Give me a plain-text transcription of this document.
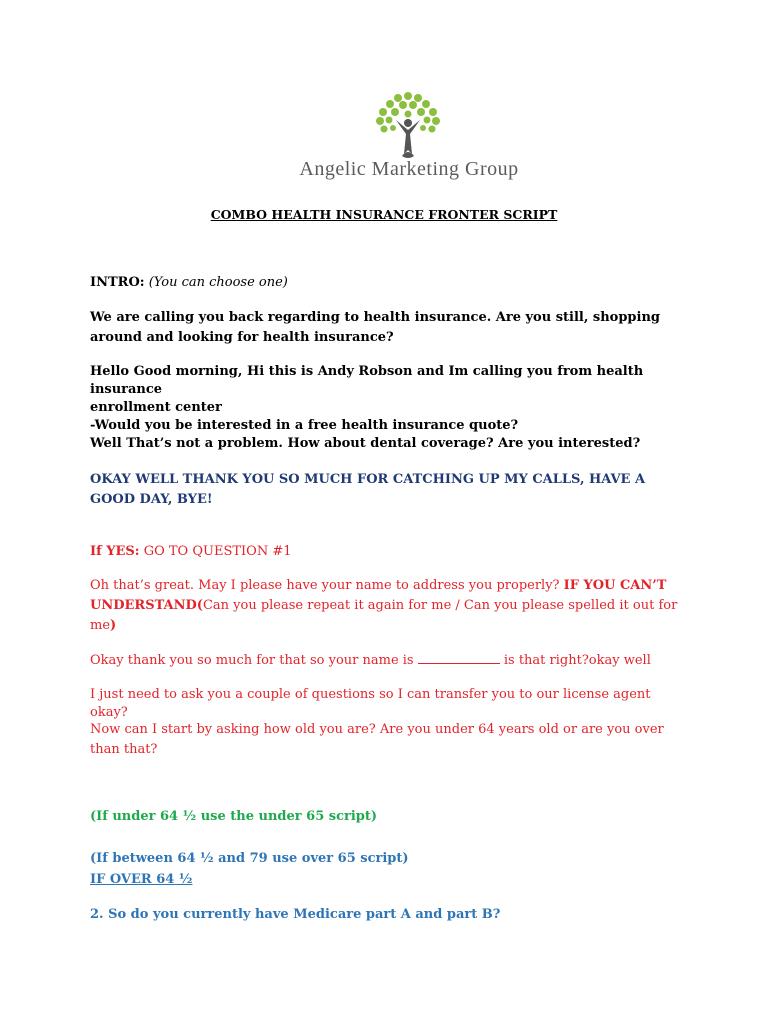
Angelic Marketing Group
COMBO HEALTH INSURANCE FRONTER SCRIPT
INTRO: (You can choose one)
We are calling you back regarding to health insurance. Are you still, shopping around and looking for health insurance?
Hello Good morning, Hi this is Andy Robson and Im calling you from health insurance
enrollment center
-Would you be interested in a free health insurance quote?
Well That’s not a problem. How about dental coverage? Are you interested?
OKAY WELL THANK YOU SO MUCH FOR CATCHING UP MY CALLS, HAVE A GOOD DAY, BYE!
If YES: GO TO QUESTION #1
Oh that’s great. May I please have your name to address you properly? IF YOU CAN’T UNDERSTAND(Can you please repeat it again for me / Can you please spelled it out for me)
Okay thank you so much for that so your name is	is that right?okay well
I just need to ask you a couple of questions so I can transfer you to our license agent okay?
Now can I start by asking how old you are? Are you under 64 years old or are you over than that?
(If under 64 ½ use the under 65 script)
(If between 64 ½ and 79 use over 65 script)
IF OVER 64 ½
2. So do you currently have Medicare part A and part B?
